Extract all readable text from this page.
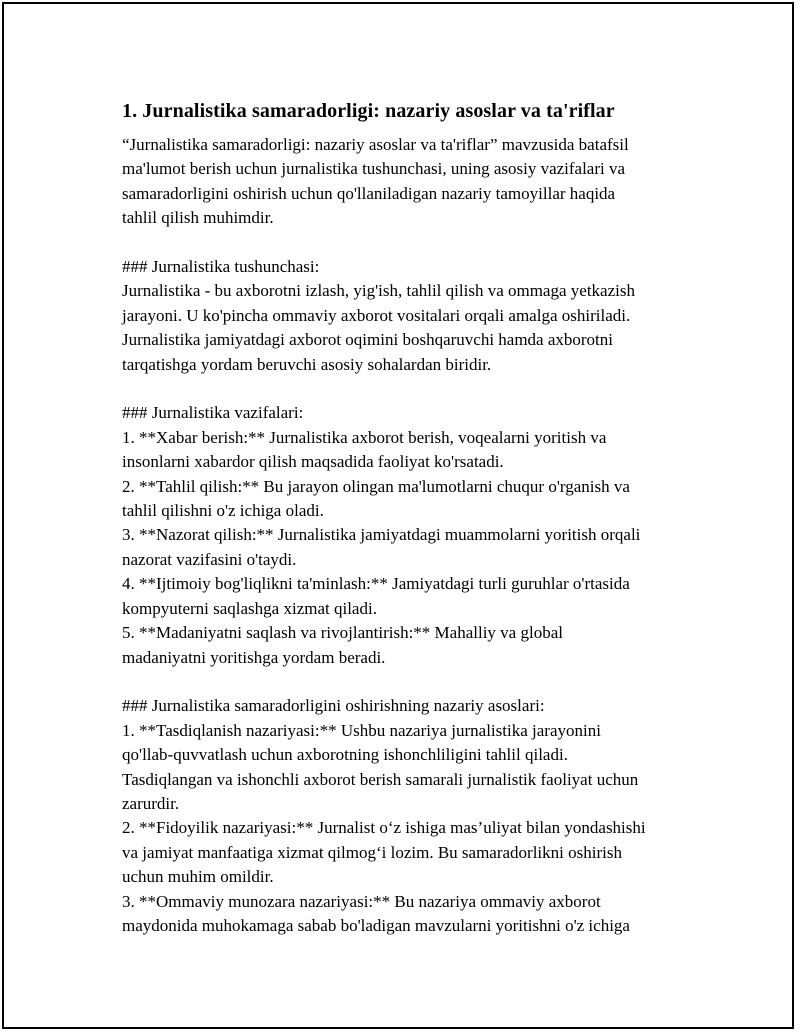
1. Jurnalistika samaradorligi: nazariy asoslar va ta'riflar

“Jurnalistika samaradorligi: nazariy asoslar va ta'riflar” mavzusida batafsil

ma'lumot berish uchun jurnalistika tushunchasi, uning asosiy vazifalari va

samaradorligini oshirish uchun qo'llaniladigan nazariy tamoyillar haqida

tahlil qilish muhimdir.

### Jurnalistika tushunchasi:

Jurnalistika - bu axborotni izlash, yig'ish, tahlil qilish va ommaga yetkazish

jarayoni. U ko'pincha ommaviy axborot vositalari orqali amalga oshiriladi.

Jurnalistika jamiyatdagi axborot oqimini boshqaruvchi hamda axborotni

tarqatishga yordam beruvchi asosiy sohalardan biridir.

### Jurnalistika vazifalari:

1. **Xabar berish:** Jurnalistika axborot berish, voqealarni yoritish va

insonlarni xabardor qilish maqsadida faoliyat ko'rsatadi.

2. **Tahlil qilish:** Bu jarayon olingan ma'lumotlarni chuqur o'rganish va

tahlil qilishni o'z ichiga oladi.

3. **Nazorat qilish:** Jurnalistika jamiyatdagi muammolarni yoritish orqali

nazorat vazifasini o'taydi.

4. **Ijtimoiy bog'liqlikni ta'minlash:** Jamiyatdagi turli guruhlar o'rtasida

kompyuterni saqlashga xizmat qiladi.

5. **Madaniyatni saqlash va rivojlantirish:** Mahalliy va global

madaniyatni yoritishga yordam beradi.

### Jurnalistika samaradorligini oshirishning nazariy asoslari:

1. **Tasdiqlanish nazariyasi:** Ushbu nazariya jurnalistika jarayonini

qo'llab-quvvatlash uchun axborotning ishonchliligini tahlil qiladi.

Tasdiqlangan va ishonchli axborot berish samarali jurnalistik faoliyat uchun

zarurdir.

2. **Fidoyilik nazariyasi:** Jurnalist o‘z ishiga mas’uliyat bilan yondashishi

va jamiyat manfaatiga xizmat qilmog‘i lozim. Bu samaradorlikni oshirish

uchun muhim omildir.

3. **Ommaviy munozara nazariyasi:** Bu nazariya ommaviy axborot

maydonida muhokamaga sabab bo'ladigan mavzularni yoritishni o'z ichiga
